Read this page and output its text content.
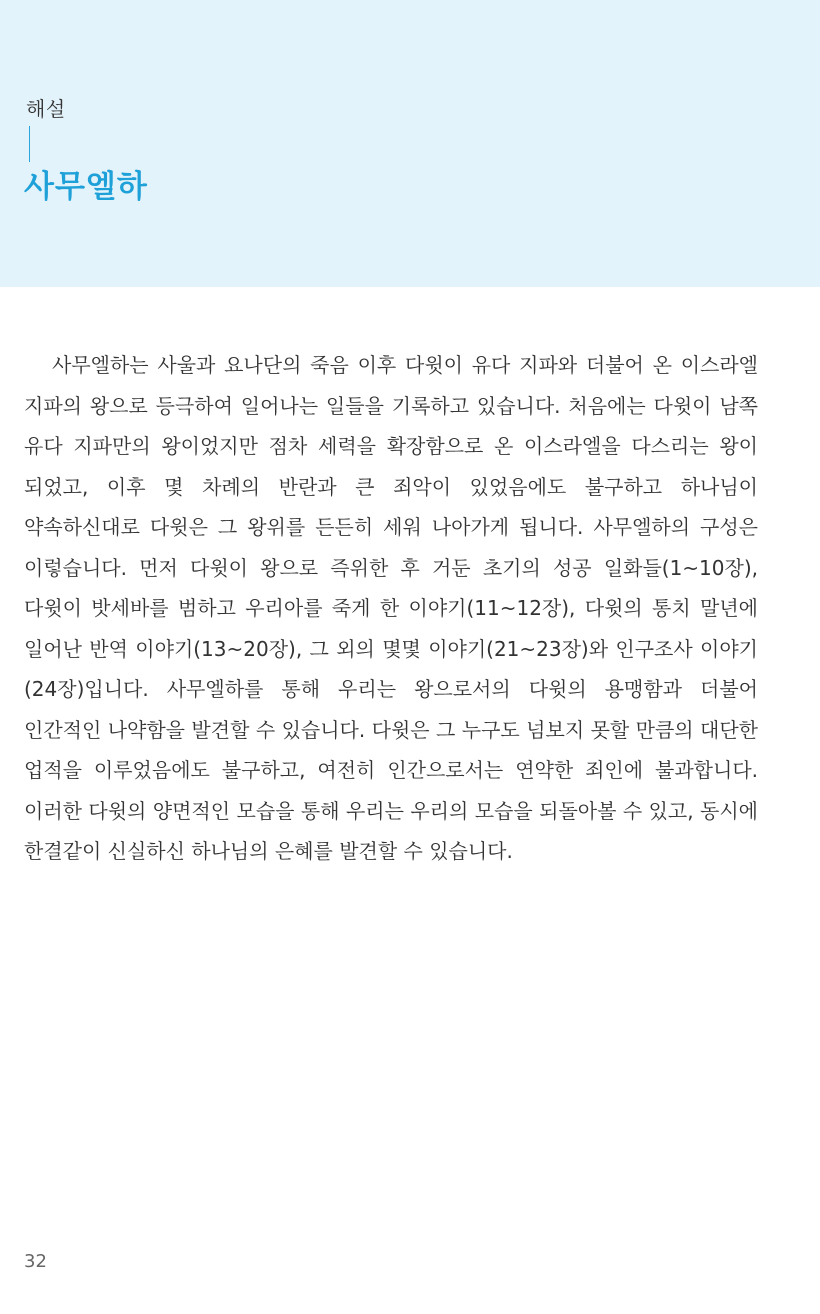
해설
사무엘하

사무엘하는 사울과 요나단의 죽음 이후 다윗이 유다 지파와 더불어 온 이스라엘 지파의 왕으로 등극하여 일어나는 일들을 기록하고 있습니다. 처음에는 다윗이 남쪽 유다 지파만의 왕이었지만 점차 세력을 확장함으로 온 이스라엘을 다스리는 왕이 되었고, 이후 몇 차례의 반란과 큰 죄악이 있었음에도 불구하고 하나님이 약속하신대로 다윗은 그 왕위를 든든히 세워 나아가게 됩니다. 사무엘하의 구성은 이렇습니다. 먼저 다윗이 왕으로 즉위한 후 거둔 초기의 성공 일화들(1~10장), 다윗이 밧세바를 범하고 우리아를 죽게 한 이야기(11~12장), 다윗의 통치 말년에 일어난 반역 이야기(13~20장), 그 외의 몇몇 이야기(21~23장)와 인구조사 이야기(24장)입니다. 사무엘하를 통해 우리는 왕으로서의 다윗의 용맹함과 더불어 인간적인 나약함을 발견할 수 있습니다. 다윗은 그 누구도 넘보지 못할 만큼의 대단한 업적을 이루었음에도 불구하고, 여전히 인간으로서는 연약한 죄인에 불과합니다. 이러한 다윗의 양면적인 모습을 통해 우리는 우리의 모습을 되돌아볼 수 있고, 동시에 한결같이 신실하신 하나님의 은혜를 발견할 수 있습니다.

32
